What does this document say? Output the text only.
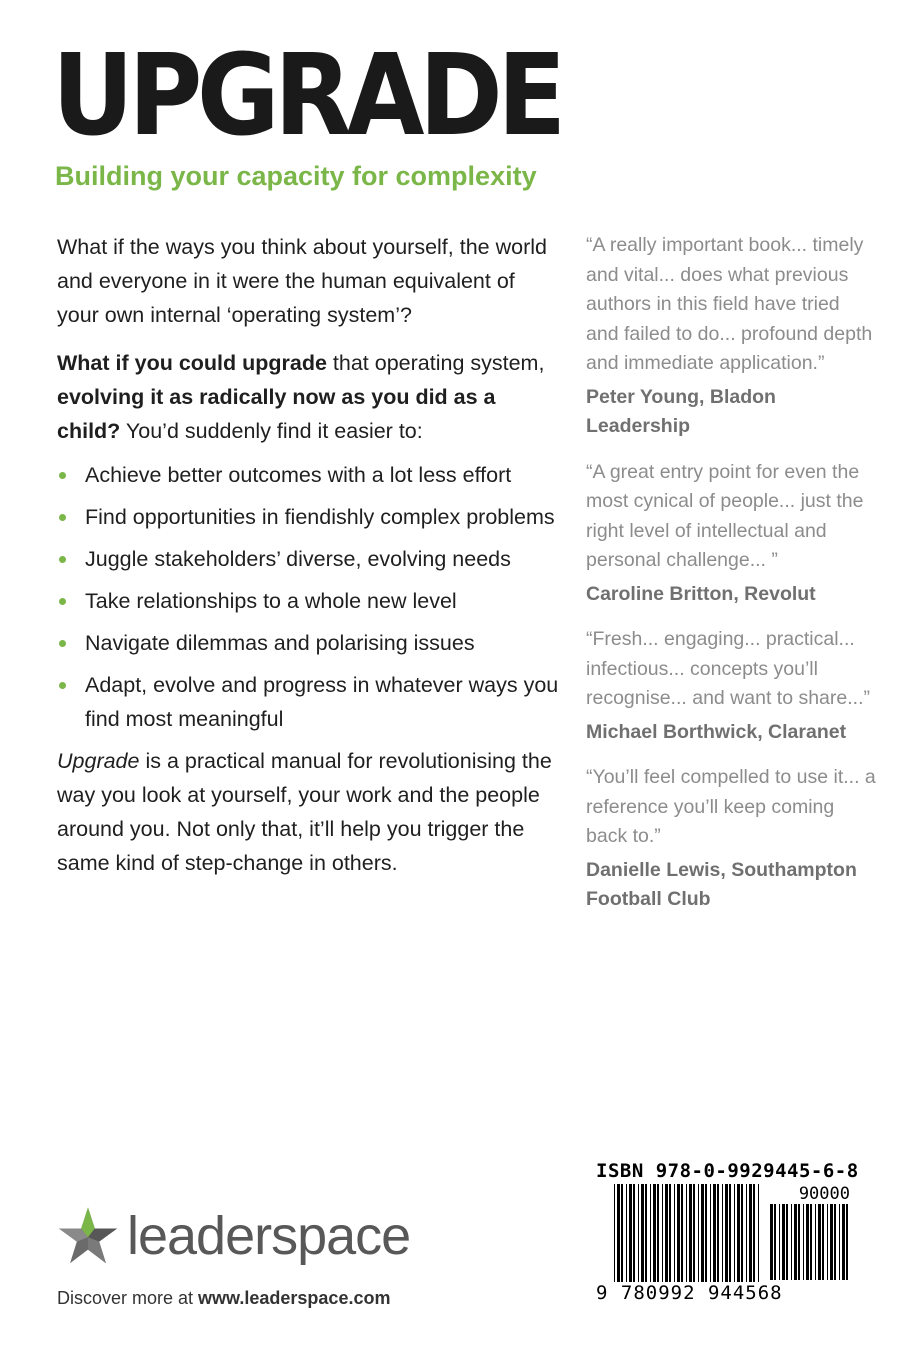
UPGRADE
Building your capacity for complexity

What if the ways you think about yourself, the world and everyone in it were the human equivalent of your own internal ‘operating system’?

What if you could upgrade that operating system, evolving it as radically now as you did as a child? You’d suddenly find it easier to:

Achieve better outcomes with a lot less effort
Find opportunities in fiendishly complex problems
Juggle stakeholders’ diverse, evolving needs
Take relationships to a whole new level
Navigate dilemmas and polarising issues
Adapt, evolve and progress in whatever ways you find most meaningful

Upgrade is a practical manual for revolutionising the way you look at yourself, your work and the people around you. Not only that, it’ll help you trigger the same kind of step-change in others.

“A really important book... timely and vital... does what previous authors in this field have tried and failed to do... profound depth and immediate application.”

Peter Young, Bladon Leadership

“A great entry point for even the most cynical of people... just the right level of intellectual and personal challenge... ”

Caroline Britton, Revolut

“Fresh... engaging... practical... infectious... concepts you’ll recognise... and want to share...”

Michael Borthwick, Claranet

“You’ll feel compelled to use it... a reference you’ll keep coming back to.”

Danielle Lewis, Southampton Football Club

leaderspace
Discover more at www.leaderspace.com
ISBN 978-0-9929445-6-8
90000
9 780992 944568
